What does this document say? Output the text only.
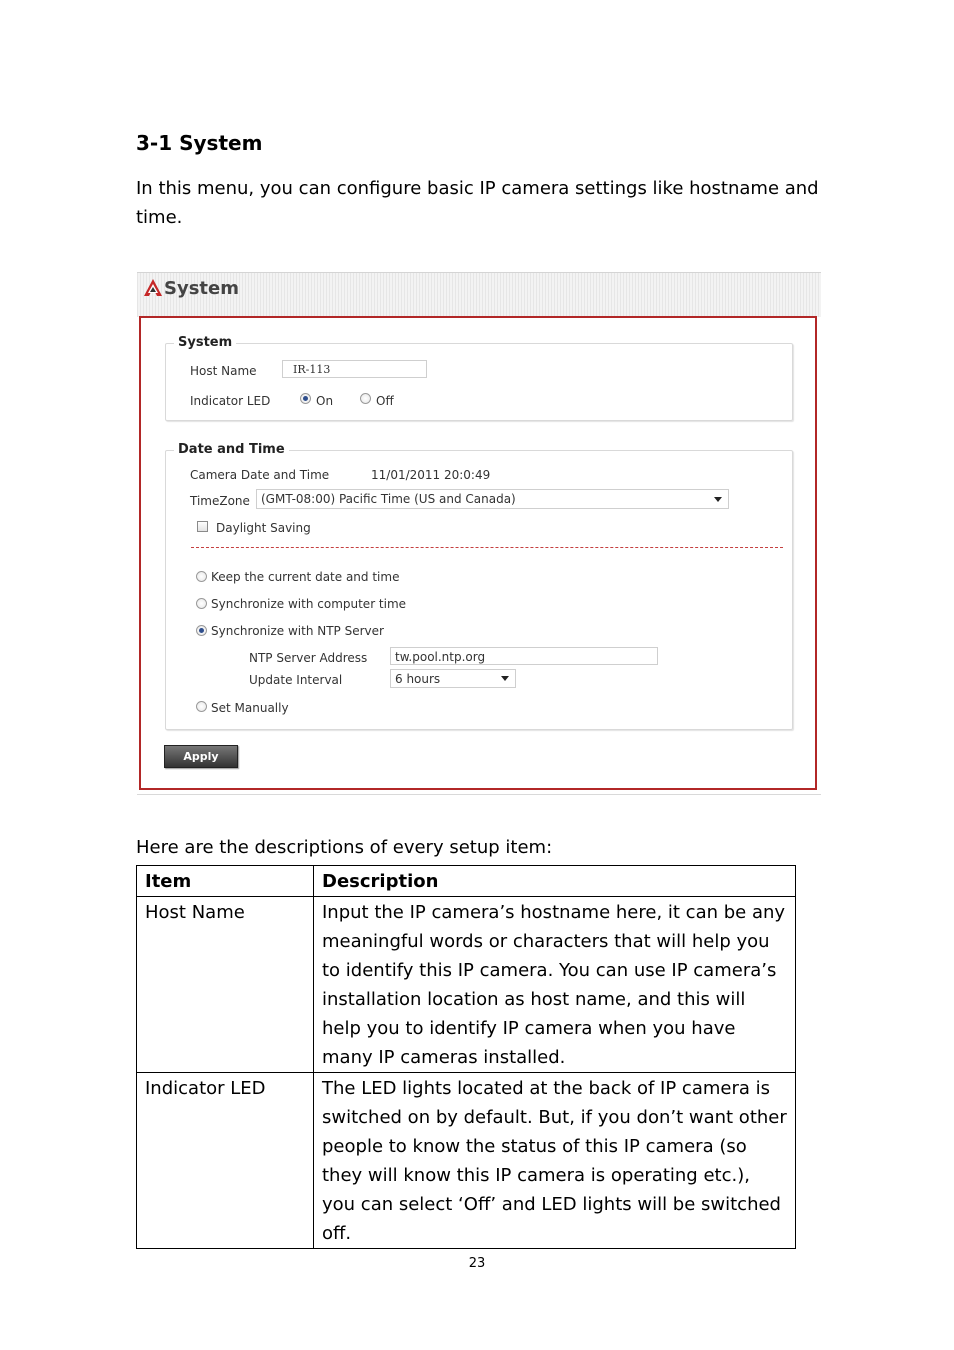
3-1 System

In this menu, you can configure basic IP camera settings like hostname and time.

System
System
Host Name	IR-113
Indicator LED	On	Off
Date and Time
Camera Date and Time	11/01/2011 20:0:49
TimeZone (GMT-08:00) Pacific Time (US and Canada)
Daylight Saving
Keep the current date and time
Synchronize with computer time
Synchronize with NTP Server
NTP Server Address	tw.pool.ntp.org
Update Interval	6 hours
Set Manually
Apply

Here are the descriptions of every setup item:

Item	Description
Host Name	Input the IP camera’s hostname here, it can be any meaningful words or characters that will help you to identify this IP camera. You can use IP camera’s installation location as host name, and this will help you to identify IP camera when you have many IP cameras installed.
Indicator LED	The LED lights located at the back of IP camera is switched on by default. But, if you don’t want other people to know the status of this IP camera (so they will know this IP camera is operating etc.), you can select ‘Off’ and LED lights will be switched off.
23
